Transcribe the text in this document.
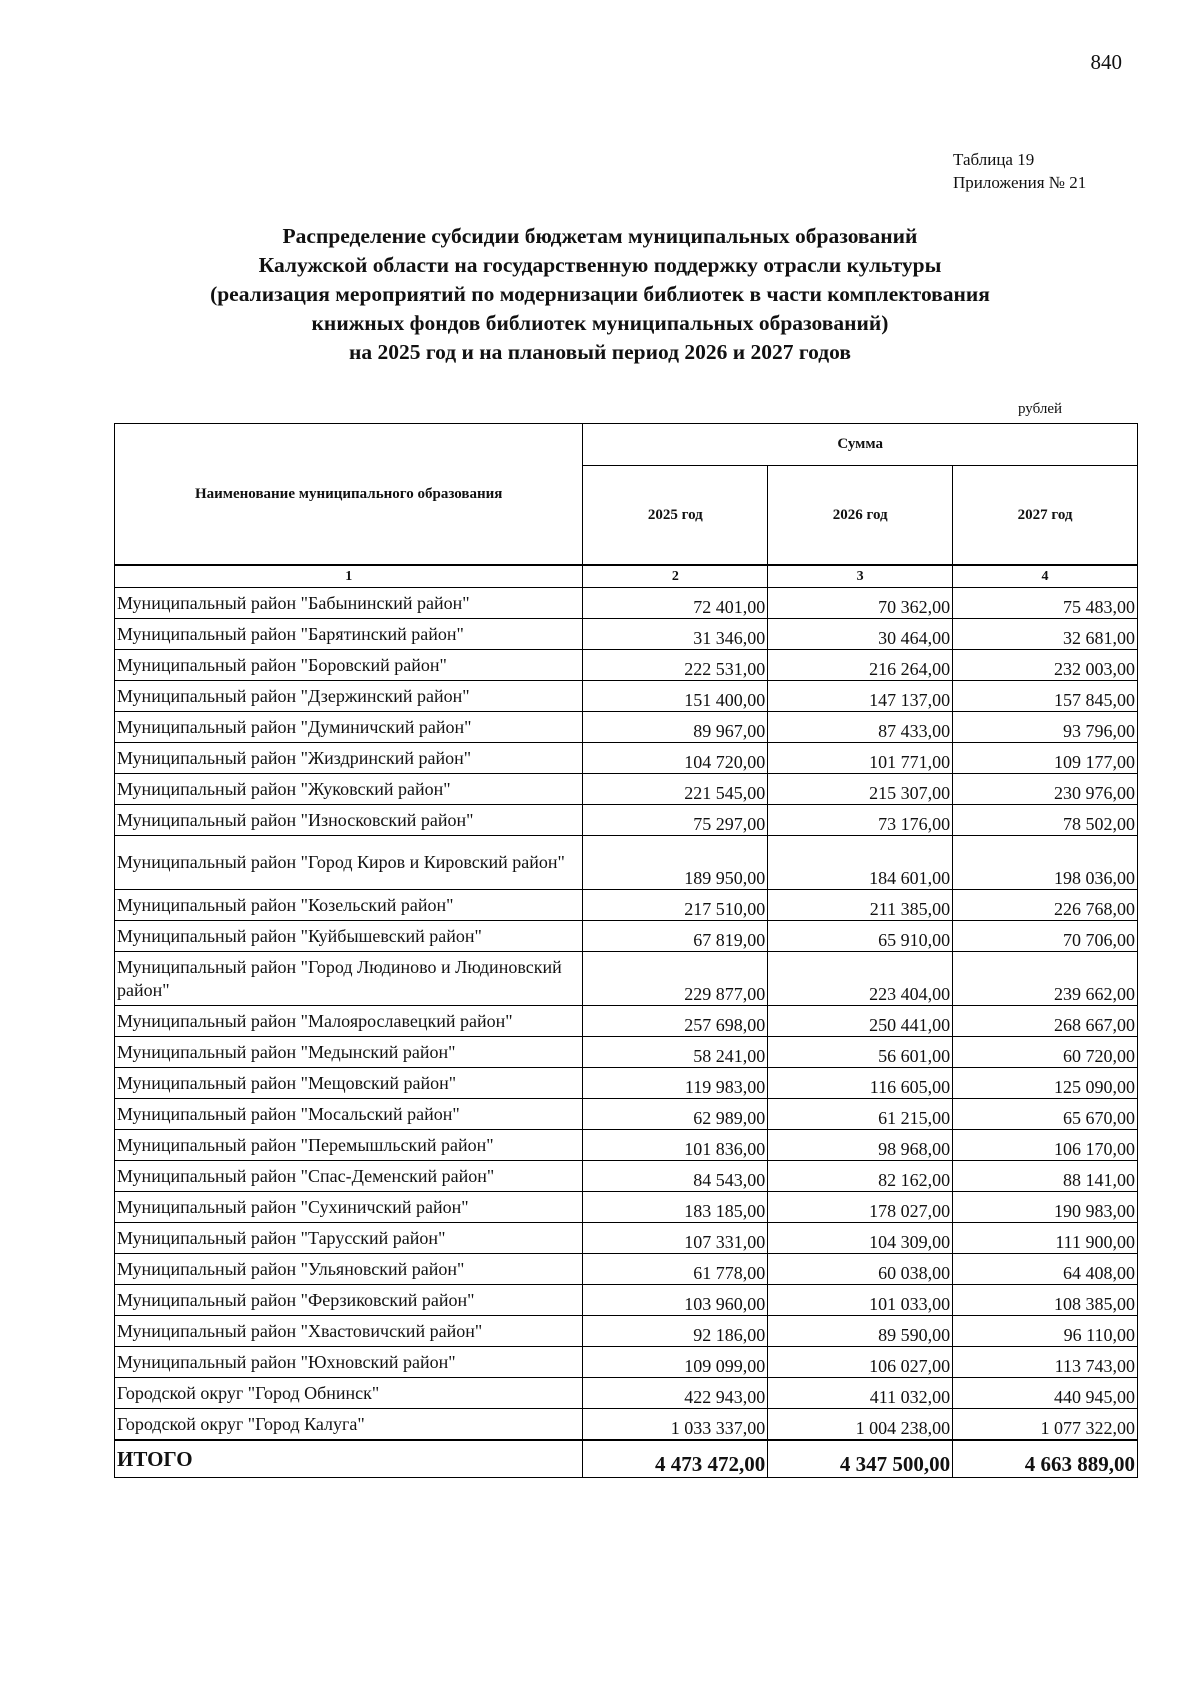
840
Таблица 19
Приложения № 21
Распределение субсидии бюджетам муниципальных образований
Калужской области на государственную поддержку отрасли культуры
(реализация мероприятий по модернизации библиотек в части комплектования
книжных фондов библиотек муниципальных образований)
на 2025 год и на плановый период 2026 и 2027 годов
рублей
Наименование муниципального образования	Сумма		
	2025 год	2026 год	2027 год
1	2	3	4
Муниципальный район "Бабынинский район"	72 401,00	70 362,00	75 483,00
Муниципальный район "Барятинский район"	31 346,00	30 464,00	32 681,00
Муниципальный район "Боровский район"	222 531,00	216 264,00	232 003,00
Муниципальный район "Дзержинский район"	151 400,00	147 137,00	157 845,00
Муниципальный район "Думиничский район"	89 967,00	87 433,00	93 796,00
Муниципальный район "Жиздринский район"	104 720,00	101 771,00	109 177,00
Муниципальный район "Жуковский район"	221 545,00	215 307,00	230 976,00
Муниципальный район "Износковский район"	75 297,00	73 176,00	78 502,00
Муниципальный район "Город Киров и Кировский район"	189 950,00	184 601,00	198 036,00
Муниципальный район "Козельский район"	217 510,00	211 385,00	226 768,00
Муниципальный район "Куйбышевский район"	67 819,00	65 910,00	70 706,00
Муниципальный район "Город Людиново и Людиновский район"	229 877,00	223 404,00	239 662,00
Муниципальный район "Малоярославецкий район"	257 698,00	250 441,00	268 667,00
Муниципальный район "Медынский район"	58 241,00	56 601,00	60 720,00
Муниципальный район "Мещовский район"	119 983,00	116 605,00	125 090,00
Муниципальный район "Мосальский район"	62 989,00	61 215,00	65 670,00
Муниципальный район "Перемышльский район"	101 836,00	98 968,00	106 170,00
Муниципальный район "Спас-Деменский район"	84 543,00	82 162,00	88 141,00
Муниципальный район "Сухиничский район"	183 185,00	178 027,00	190 983,00
Муниципальный район "Тарусский район"	107 331,00	104 309,00	111 900,00
Муниципальный район "Ульяновский район"	61 778,00	60 038,00	64 408,00
Муниципальный район "Ферзиковский район"	103 960,00	101 033,00	108 385,00
Муниципальный район "Хвастовичский район"	92 186,00	89 590,00	96 110,00
Муниципальный район "Юхновский район"	109 099,00	106 027,00	113 743,00
Городской округ "Город Обнинск"	422 943,00	411 032,00	440 945,00
Городской округ "Город Калуга"	1 033 337,00	1 004 238,00	1 077 322,00
ИТОГО	4 473 472,00	4 347 500,00	4 663 889,00
